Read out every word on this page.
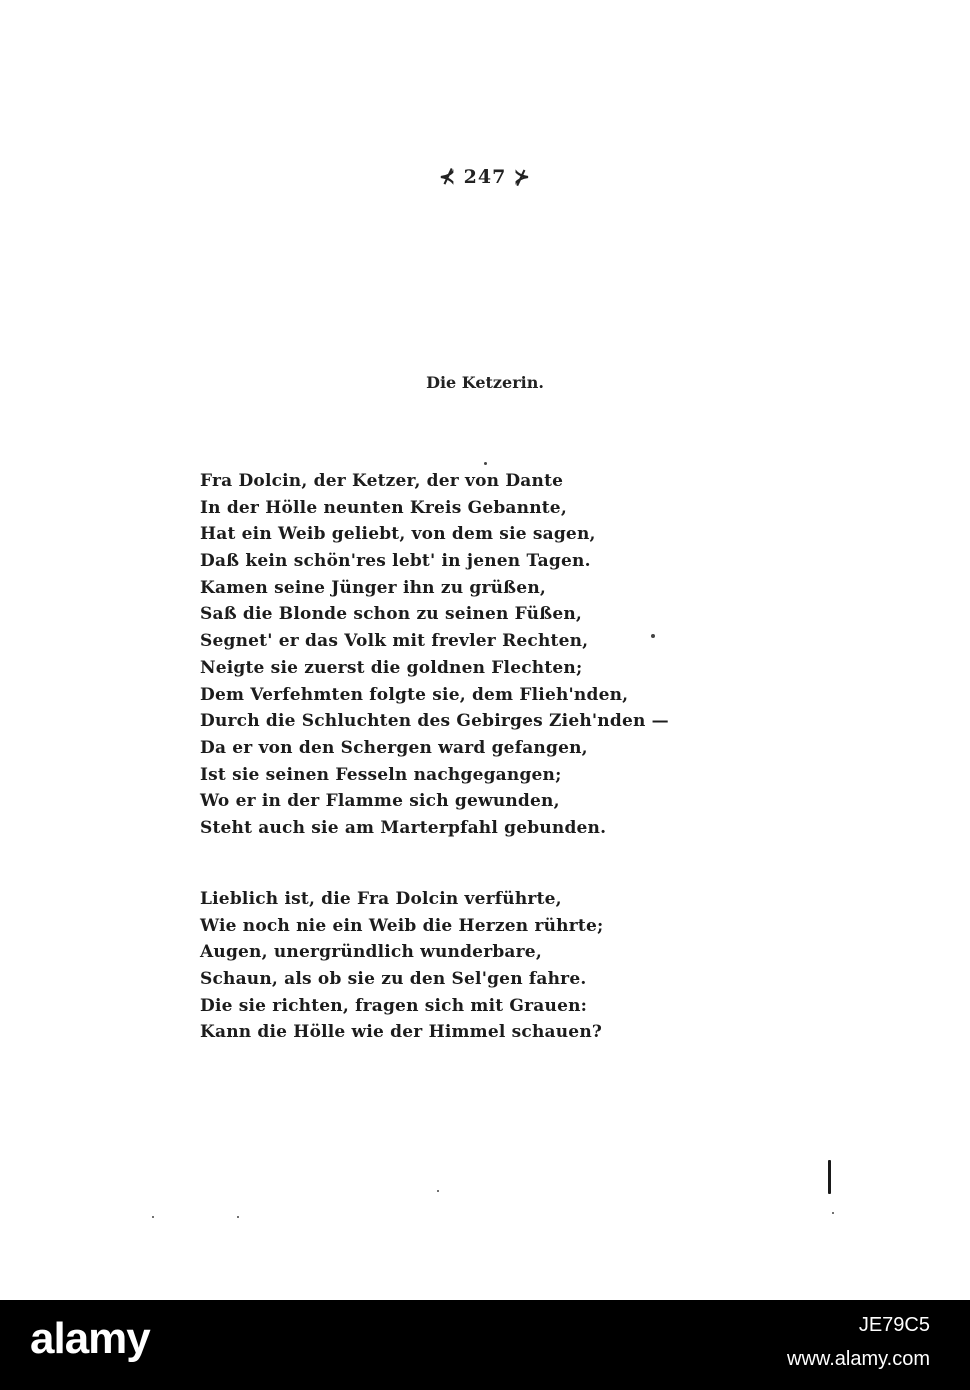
⊀ 247 ⊁
Die Ketzerin.
Fra Dolcin, der Ketzer, der von Dante
In der Hölle neunten Kreis Gebannte,
Hat ein Weib geliebt, von dem sie sagen,
Daß kein schön'res lebt' in jenen Tagen.
Kamen seine Jünger ihn zu grüßen,
Saß die Blonde schon zu seinen Füßen,
Segnet' er das Volk mit frevler Rechten,
Neigte sie zuerst die goldnen Flechten;
Dem Verfehmten folgte sie, dem Flieh'nden,
Durch die Schluchten des Gebirges Zieh'nden —
Da er von den Schergen ward gefangen,
Ist sie seinen Fesseln nachgegangen;
Wo er in der Flamme sich gewunden,
Steht auch sie am Marterpfahl gebunden.
Lieblich ist, die Fra Dolcin verführte,
Wie noch nie ein Weib die Herzen rührte;
Augen, unergründlich wunderbare,
Schaun, als ob sie zu den Sel'gen fahre.
Die sie richten, fragen sich mit Grauen:
Kann die Hölle wie der Himmel schauen?
alamy	JE79C5
www.alamy.com
